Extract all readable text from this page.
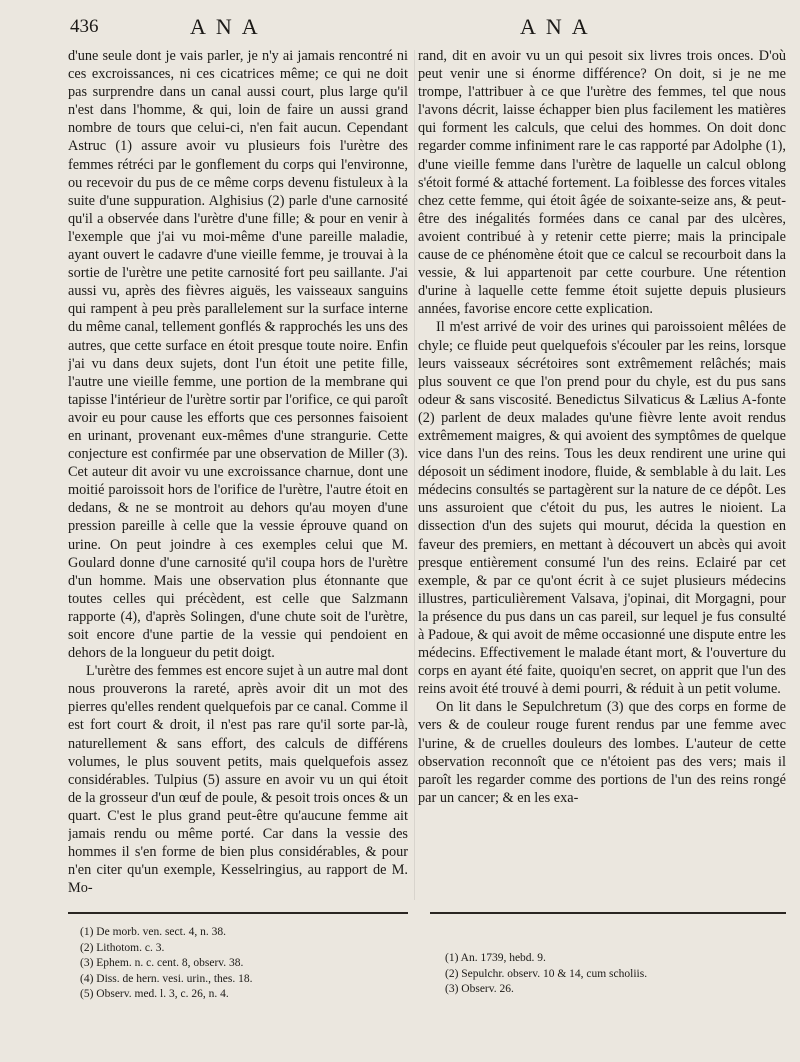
436	ANA	ANA

d'une seule dont je vais parler, je n'y ai jamais rencontré ni ces excroissances, ni ces cicatrices même; ce qui ne doit pas surprendre dans un canal aussi court, plus large qu'il n'est dans l'homme, & qui, loin de faire un aussi grand nombre de tours que celui-ci, n'en fait aucun. Cependant Astruc (1) assure avoir vu plusieurs fois l'urètre des femmes rétréci par le gonflement du corps qui l'environne, ou recevoir du pus de ce même corps devenu fistuleux à la suite d'une suppuration. Alghisius (2) parle d'une carnosité qu'il a observée dans l'urètre d'une fille; & pour en venir à l'exemple que j'ai vu moi-même d'une pareille maladie, ayant ouvert le cadavre d'une vieille femme, je trouvai à la sortie de l'urètre une petite carnosité fort peu saillante. J'ai aussi vu, après des fièvres aiguës, les vaisseaux sanguins qui rampent à peu près parallelement sur la surface interne du même canal, tellement gonflés & rapprochés les uns des autres, que cette surface en étoit presque toute noire. Enfin j'ai vu dans deux sujets, dont l'un étoit une petite fille, l'autre une vieille femme, une portion de la membrane qui tapisse l'intérieur de l'urètre sortir par l'orifice, ce qui paroît avoir eu pour cause les efforts que ces personnes faisoient en urinant, provenant eux-mêmes d'une strangurie. Cette conjecture est confirmée par une observation de Miller (3). Cet auteur dit avoir vu une excroissance charnue, dont une moitié paroissoit hors de l'orifice de l'urètre, l'autre étoit en dedans, & ne se montroit au dehors qu'au moyen d'une pression pareille à celle que la vessie éprouve quand on urine. On peut joindre à ces exemples celui que M. Goulard donne d'une carnosité qu'il coupa hors de l'urètre d'un homme. Mais une observation plus étonnante que toutes celles qui précèdent, est celle que Salzmann rapporte (4), d'après Solingen, d'une chute soit de l'urètre, soit encore d'une partie de la vessie qui pendoient en dehors de la longueur du petit doigt.

L'urètre des femmes est encore sujet à un autre mal dont nous prouverons la rareté, après avoir dit un mot des pierres qu'elles rendent quelquefois par ce canal. Comme il est fort court & droit, il n'est pas rare qu'il sorte par-là, naturellement & sans effort, des calculs de différens volumes, le plus souvent petits, mais quelquefois assez considérables. Tulpius (5) assure en avoir vu un qui étoit de la grosseur d'un œuf de poule, & pesoit trois onces & un quart. C'est le plus grand peut-être qu'aucune femme ait jamais rendu ou même porté. Car dans la vessie des hommes il s'en forme de bien plus considérables, & pour n'en citer qu'un exemple, Kesselringius, au rapport de M. Mo-

rand, dit en avoir vu un qui pesoit six livres trois onces. D'où peut venir une si énorme différence? On doit, si je ne me trompe, l'attribuer à ce que l'urètre des femmes, tel que nous l'avons décrit, laisse échapper bien plus facilement les matières qui forment les calculs, que celui des hommes. On doit donc regarder comme infiniment rare le cas rapporté par Adolphe (1), d'une vieille femme dans l'urètre de laquelle un calcul oblong s'étoit formé & attaché fortement. La foiblesse des forces vitales chez cette femme, qui étoit âgée de soixante-seize ans, & peut-être des inégalités formées dans ce canal par des ulcères, avoient contribué à y retenir cette pierre; mais la principale cause de ce phénomène étoit que ce calcul se recourboit dans la vessie, & lui appartenoit par cette courbure. Une rétention d'urine à laquelle cette femme étoit sujette depuis plusieurs années, favorise encore cette explication.

Il m'est arrivé de voir des urines qui paroissoient mêlées de chyle; ce fluide peut quelquefois s'écouler par les reins, lorsque leurs vaisseaux sécrétoires sont extrêmement relâchés; mais plus souvent ce que l'on prend pour du chyle, est du pus sans odeur & sans viscosité. Benedictus Silvaticus & Lælius A-fonte (2) parlent de deux malades qu'une fièvre lente avoit rendus extrêmement maigres, & qui avoient des symptômes de quelque vice dans l'un des reins. Tous les deux rendirent une urine qui déposoit un sédiment inodore, fluide, & semblable à du lait. Les médecins consultés se partagèrent sur la nature de ce dépôt. Les uns assuroient que c'étoit du pus, les autres le nioient. La dissection d'un des sujets qui mourut, décida la question en faveur des premiers, en mettant à découvert un abcès qui avoit presque entièrement consumé l'un des reins. Eclairé par cet exemple, & par ce qu'ont écrit à ce sujet plusieurs médecins illustres, particulièrement Valsava, j'opinai, dit Morgagni, pour la présence du pus dans un cas pareil, sur lequel je fus consulté à Padoue, & qui avoit de même occasionné une dispute entre les médecins. Effectivement le malade étant mort, & l'ouverture du corps en ayant été faite, quoiqu'en secret, on apprit que l'un des reins avoit été trouvé à demi pourri, & réduit à un petit volume.

On lit dans le Sepulchretum (3) que des corps en forme de vers & de couleur rouge furent rendus par une femme avec l'urine, & de cruelles douleurs des lombes. L'auteur de cette observation reconnoît que ce n'étoient pas des vers; mais il paroît les regarder comme des portions de l'un des reins rongé par un cancer; & en les exa-

(1) De morb. ven. sect. 4, n. 38.
(2) Lithotom. c. 3.
(3) Ephem. n. c. cent. 8, observ. 38.
(4) Diss. de hern. vesi. urin., thes. 18.
(5) Observ. med. l. 3, c. 26, n. 4.
(1) An. 1739, hebd. 9.
(2) Sepulchr. observ. 10 & 14, cum scholiis.
(3) Observ. 26.
